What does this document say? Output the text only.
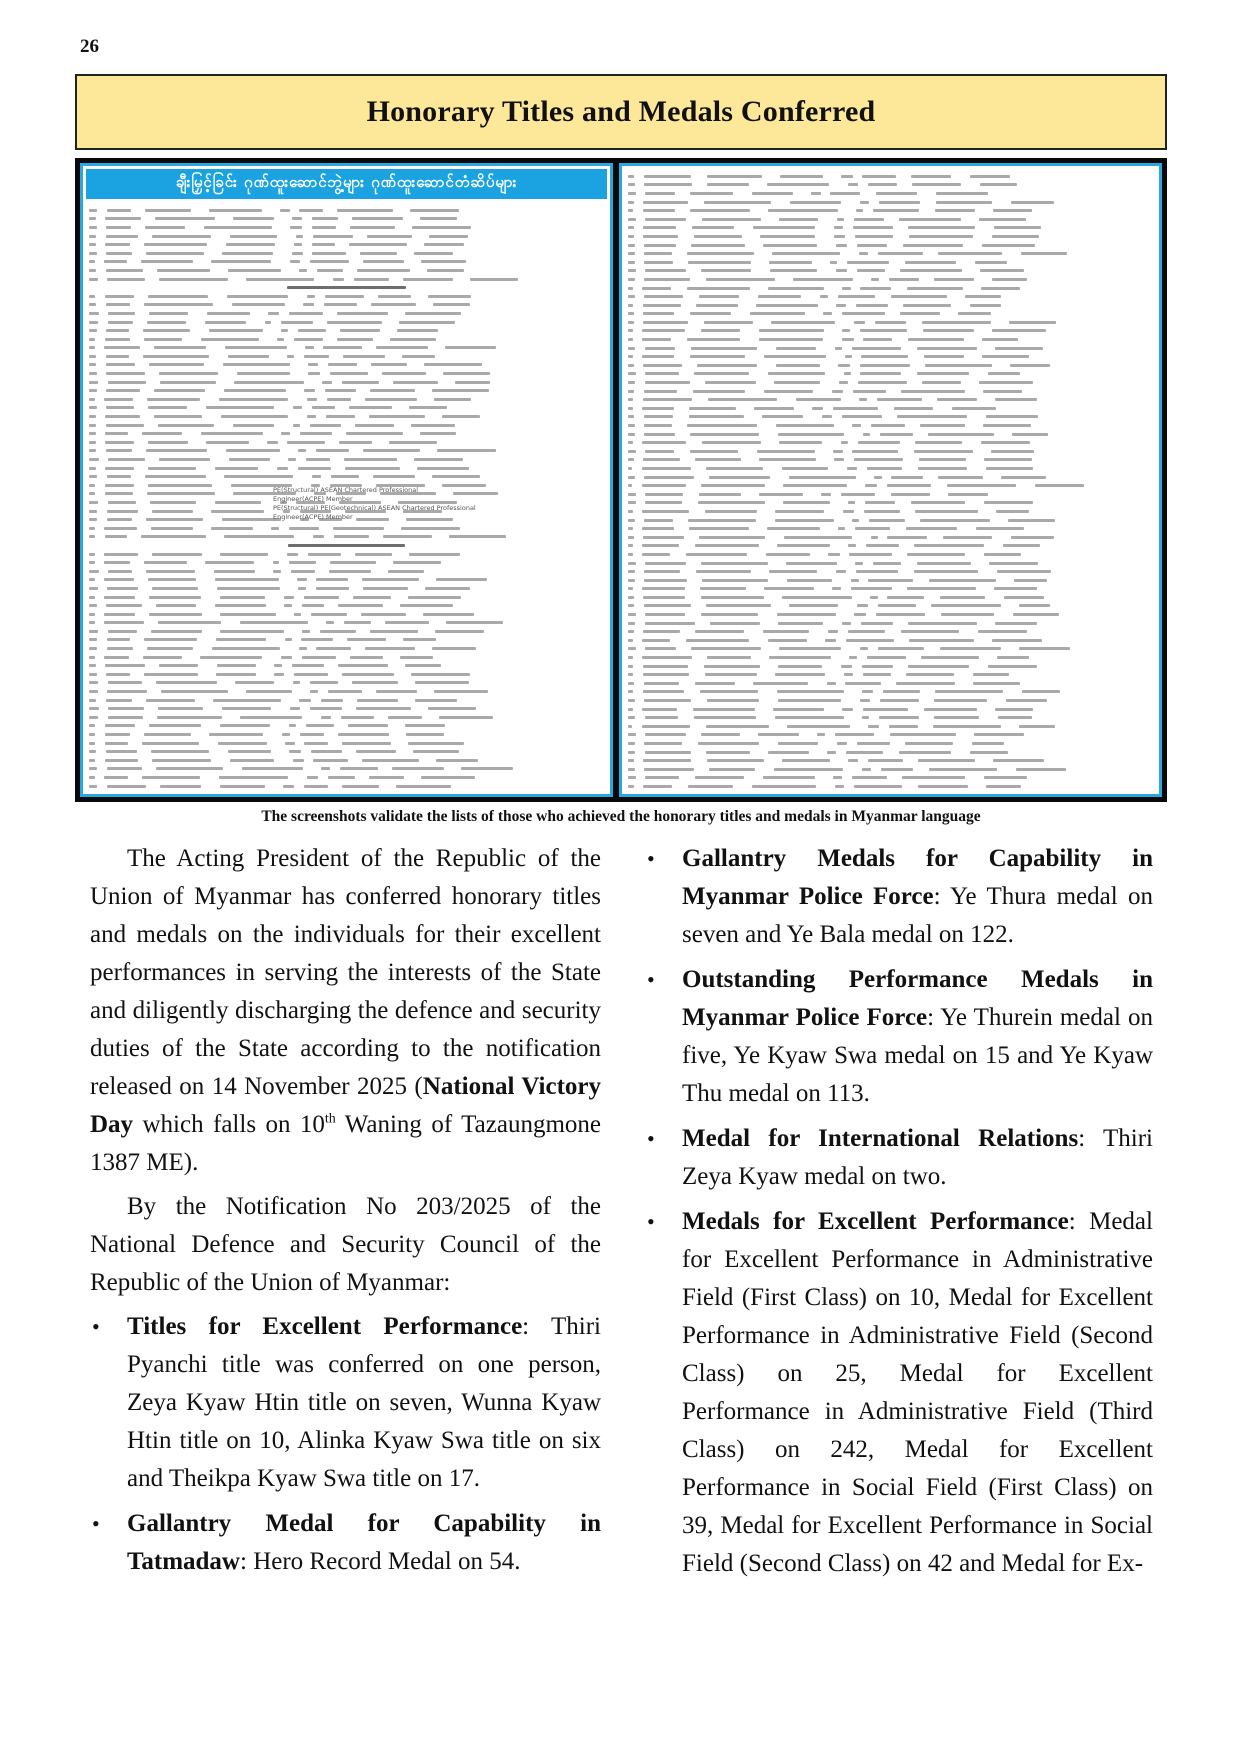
26
Honorary Titles and Medals Conferred
ချီးမြှင့်ခြင်း ဂုဏ်ထူးဆောင်ဘွဲ့များ ဂုဏ်ထူးဆောင်တံဆိပ်များ
PE(Structural) ASEAN Chartered Professional
Engineer(ACPE) Member
PE(Structural) PE(Geotechnical) ASEAN Chartered Professional
Engineer(ACPE) Member
The screenshots validate the lists of those who achieved the honorary titles and medals in Myanmar language

The Acting President of the Republic of the Union of Myanmar has conferred honorary titles and medals on the individuals for their excellent performances in serving the interests of the State and diligently discharging the defence and security duties of the State according to the notification released on 14 November 2025 (National Victory Day which falls on 10th Waning of Tazaungmone 1387 ME).

By the Notification No 203/2025 of the National Defence and Security Council of the Republic of the Union of Myanmar:

• Titles for Excellent Performance: Thiri Pyanchi title was conferred on one person, Zeya Kyaw Htin title on seven, Wunna Kyaw Htin title on 10, Alinka Kyaw Swa title on six and Theikpa Kyaw Swa title on 17.
• Gallantry Medal for Capability in Tatmadaw: Hero Record Medal on 54.
• Gallantry Medals for Capability in Myanmar Police Force: Ye Thura medal on seven and Ye Bala medal on 122.
• Outstanding Performance Medals in Myanmar Police Force: Ye Thurein medal on five, Ye Kyaw Swa medal on 15 and Ye Kyaw Thu medal on 113.
• Medal for International Relations: Thiri Zeya Kyaw medal on two.
• Medals for Excellent Performance: Medal for Excellent Performance in Administrative Field (First Class) on 10, Medal for Excellent Performance in Administrative Field (Second Class) on 25, Medal for Excellent Performance in Administrative Field (Third Class) on 242, Medal for Excellent Performance in Social Field (First Class) on 39, Medal for Excellent Performance in Social Field (Second Class) on 42 and Medal for Ex-
